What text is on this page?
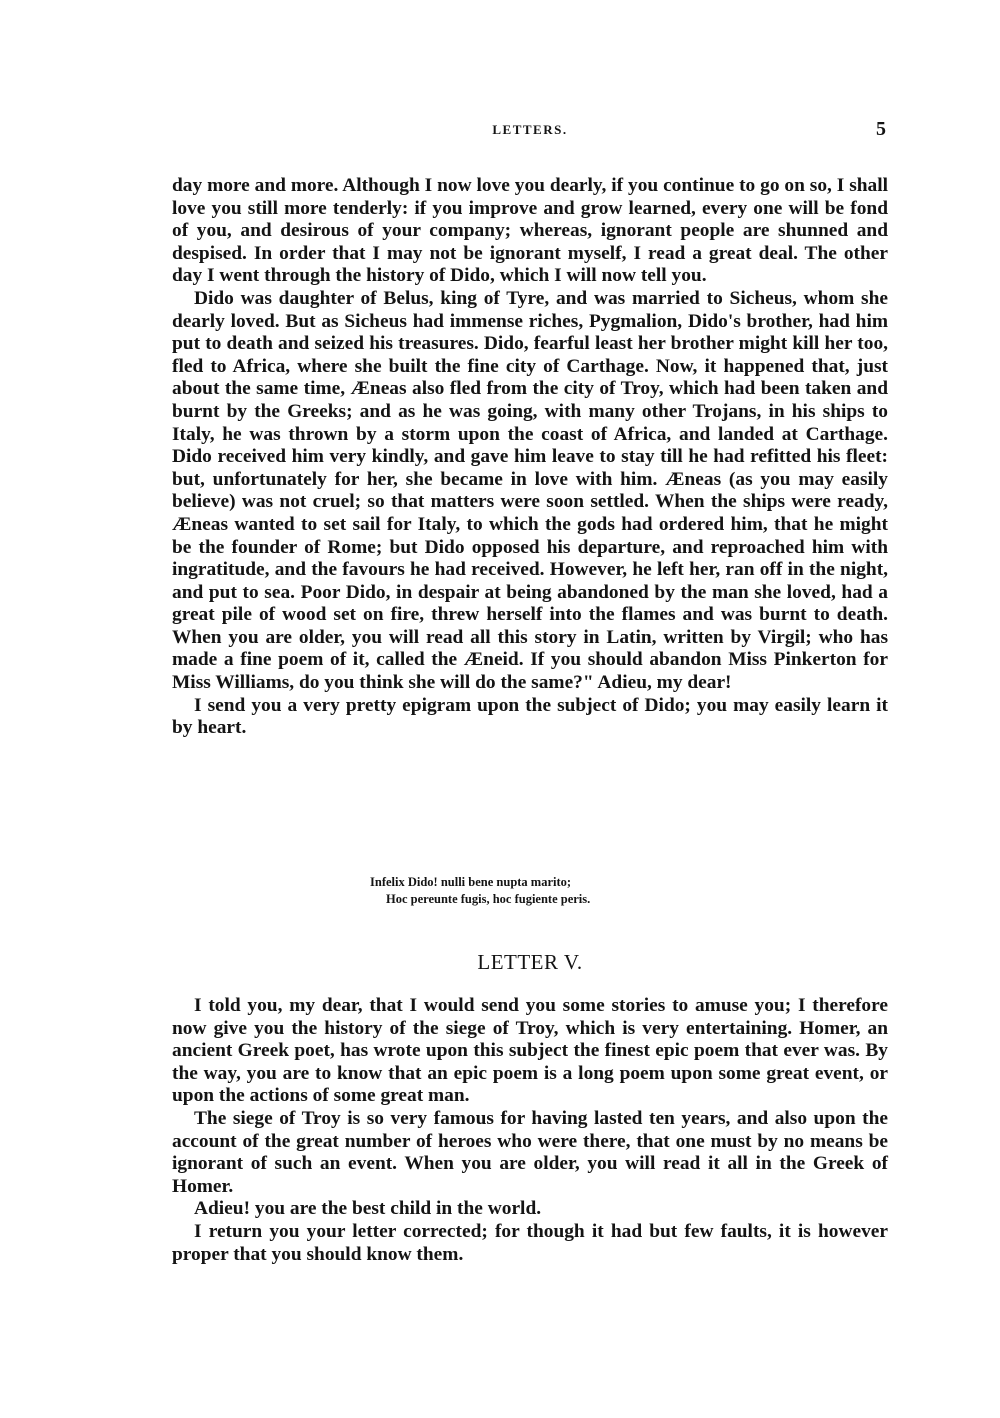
LETTERS.	5

day more and more. Although I now love you dearly, if you continue to go on so, I shall love you still more tenderly: if you improve and grow learned, every one will be fond of you, and desirous of your company; whereas, ignorant people are shunned and despised. In order that I may not be ignorant myself, I read a great deal. The other day I went through the history of Dido, which I will now tell you.

Dido was daughter of Belus, king of Tyre, and was married to Sicheus, whom she dearly loved. But as Sicheus had immense riches, Pygmalion, Dido's brother, had him put to death and seized his treasures. Dido, fearful least her brother might kill her too, fled to Africa, where she built the fine city of Carthage. Now, it happened that, just about the same time, Æneas also fled from the city of Troy, which had been taken and burnt by the Greeks; and as he was going, with many other Trojans, in his ships to Italy, he was thrown by a storm upon the coast of Africa, and landed at Carthage. Dido received him very kindly, and gave him leave to stay till he had refitted his fleet: but, unfortunately for her, she became in love with him. Æneas (as you may easily believe) was not cruel; so that matters were soon settled. When the ships were ready, Æneas wanted to set sail for Italy, to which the gods had ordered him, that he might be the founder of Rome; but Dido opposed his departure, and reproached him with ingratitude, and the favours he had received. However, he left her, ran off in the night, and put to sea. Poor Dido, in despair at being abandoned by the man she loved, had a great pile of wood set on fire, threw herself into the flames and was burnt to death. When you are older, you will read all this story in Latin, written by Virgil; who has made a fine poem of it, called the Æneid. If you should abandon Miss Pinkerton for Miss Williams, do you think she will do the same?" Adieu, my dear!

I send you a very pretty epigram upon the subject of Dido; you may easily learn it by heart.

Infelix Dido! nulli bene nupta marito;
Hoc pereunte fugis, hoc fugiente peris.
LETTER V.

I told you, my dear, that I would send you some stories to amuse you; I therefore now give you the history of the siege of Troy, which is very entertaining. Homer, an ancient Greek poet, has wrote upon this subject the finest epic poem that ever was. By the way, you are to know that an epic poem is a long poem upon some great event, or upon the actions of some great man.

The siege of Troy is so very famous for having lasted ten years, and also upon the account of the great number of heroes who were there, that one must by no means be ignorant of such an event. When you are older, you will read it all in the Greek of Homer.

Adieu! you are the best child in the world.

I return you your letter corrected; for though it had but few faults, it is however proper that you should know them.
